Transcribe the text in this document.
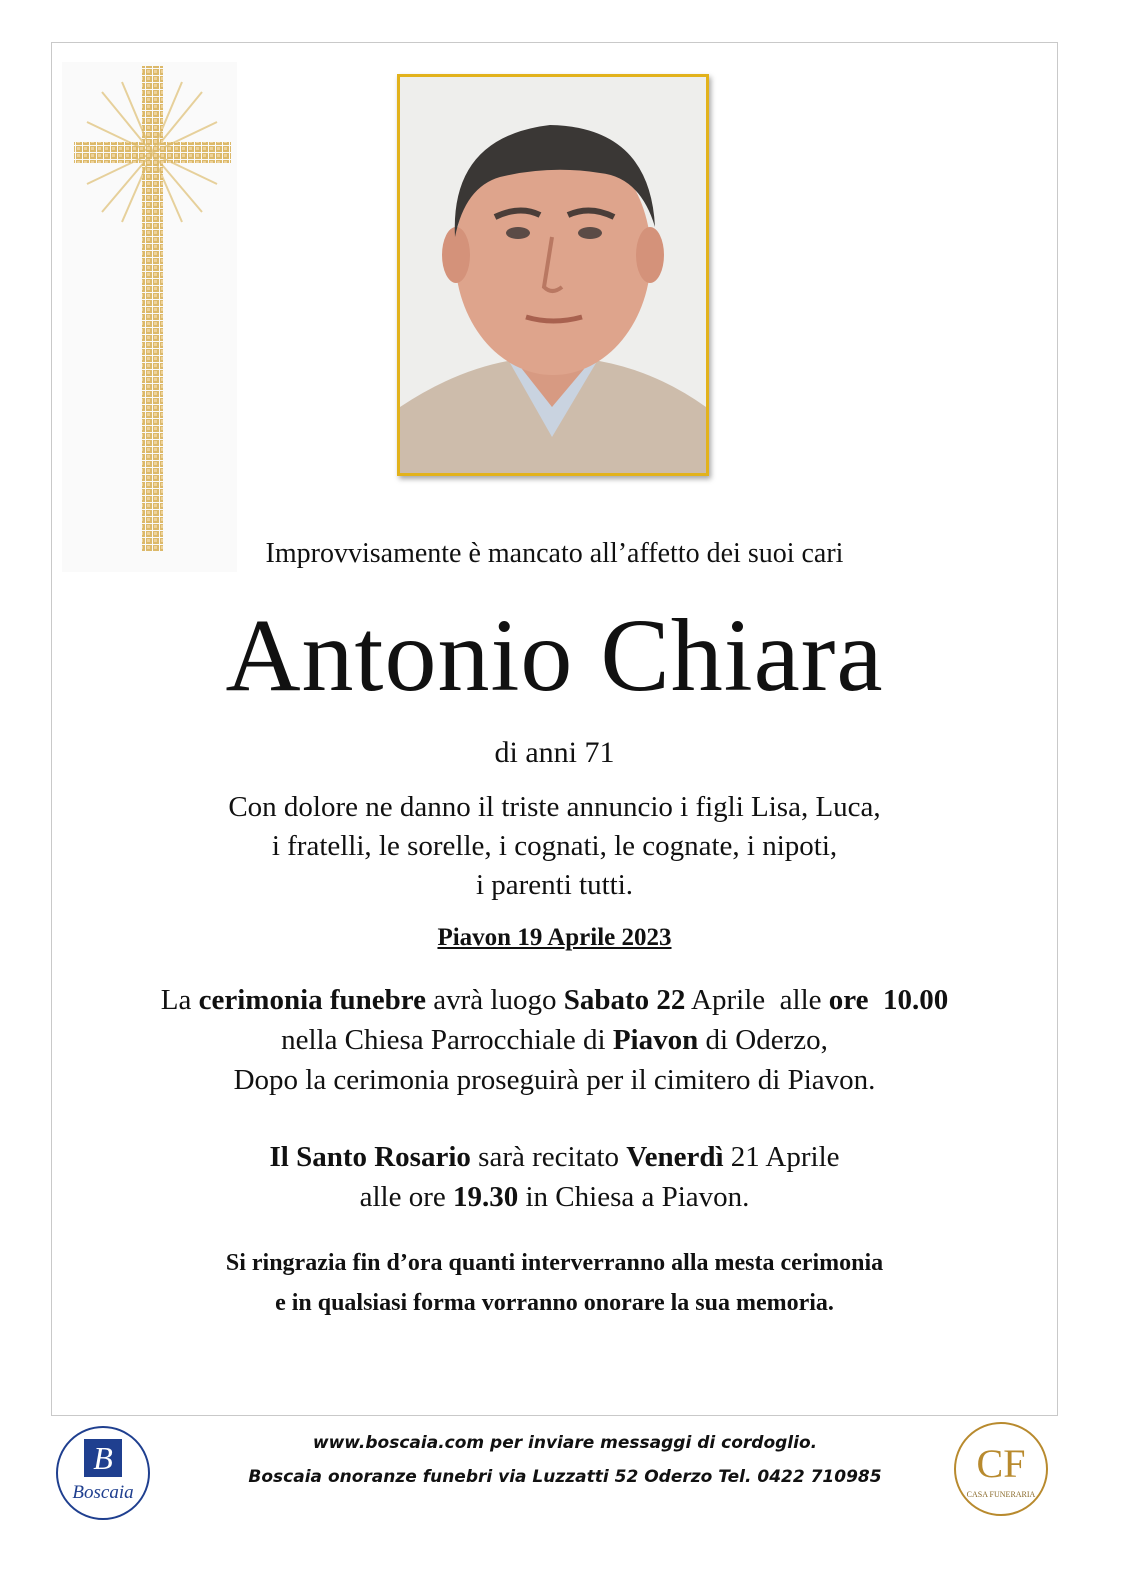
Improvvisamente è mancato all’affetto dei suoi cari
Antonio Chiara
di anni 71
Con dolore ne danno il triste annuncio i figli Lisa, Luca,
i fratelli, le sorelle, i cognati, le cognate, i nipoti,
i parenti tutti.
Piavon 19 Aprile 2023
La cerimonia funebre avrà luogo Sabato 22 Aprile  alle ore 10.00
nella Chiesa Parrocchiale di Piavon di Oderzo,
Dopo la cerimonia proseguirà per il cimitero di Piavon.
Il Santo Rosario sarà recitato Venerdì 21 Aprile
alle ore 19.30 in Chiesa a Piavon.
Si ringrazia fin d’ora quanti interverranno alla mesta cerimonia
e in qualsiasi forma vorranno onorare la sua memoria.
B
Boscaia
www.boscaia.com per inviare messaggi di cordoglio.
Boscaia onoranze funebri via Luzzatti 52 Oderzo Tel. 0422 710985	CF
CASA FUNERARIA
